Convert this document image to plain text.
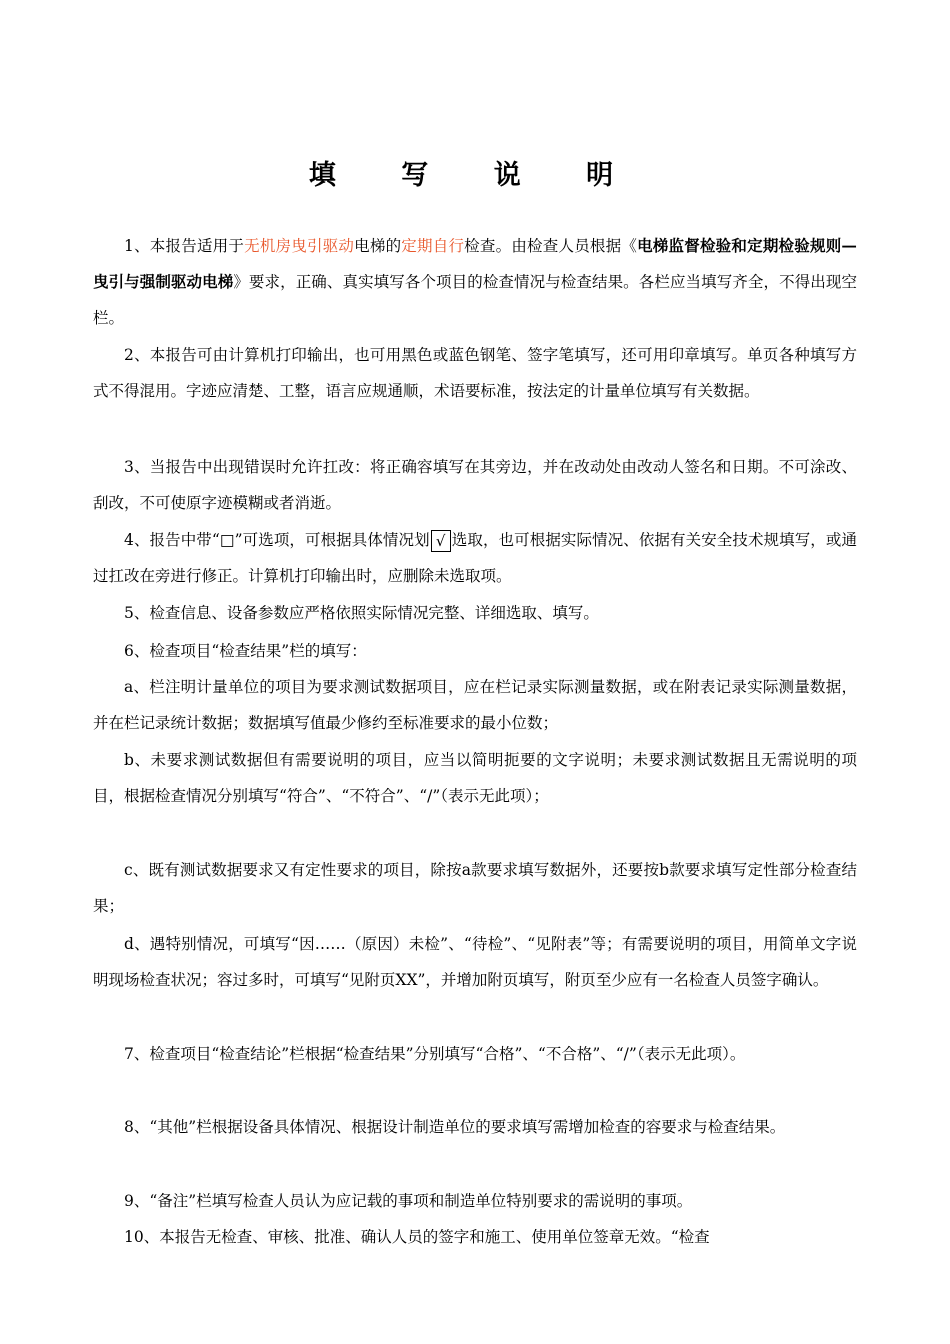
填 写 说 明
1、本报告适用于无机房曳引驱动电梯的定期自行检查。由检查人员根据《电梯监督检验和定期检验规则—曳引与强制驱动电梯》要求，正确、真实填写各个项目的检查情况与检查结果。各栏应当填写齐全，不得出现空栏。
2、本报告可由计算机打印输出，也可用黑色或蓝色钢笔、签字笔填写，还可用印章填写。单页各种填写方式不得混用。字迹应清楚、工整，语言应规通顺，术语要标准，按法定的计量单位填写有关数据。
3、当报告中出现错误时允许扛改：将正确容填写在其旁边，并在改动处由改动人签名和日期。不可涂改、刮改，不可使原字迹模糊或者消逝。
4、报告中带“□”可选项，可根据具体情况划 √ 选取，也可根据实际情况、依据有关安全技术规填写，或通过扛改在旁进行修正。计算机打印输出时，应删除未选取项。
5、检查信息、设备参数应严格依照实际情况完整、详细选取、填写。
6、检查项目“检查结果”栏的填写：
a、栏注明计量单位的项目为要求测试数据项目，应在栏记录实际测量数据，或在附表记录实际测量数据，并在栏记录统计数据；数据填写值最少修约至标准要求的最小位数；
b、未要求测试数据但有需要说明的项目，应当以简明扼要的文字说明；未要求测试数据且无需说明的项目，根据检查情况分别填写“符合”、“不符合”、“/”（表示无此项）；
c、既有测试数据要求又有定性要求的项目，除按a款要求填写数据外，还要按b款要求填写定性部分检查结果；
d、遇特别情况，可填写“因……（原因）未检”、“待检”、“见附表”等；有需要说明的项目，用简单文字说明现场检查状况；容过多时，可填写“见附页XX”，并增加附页填写，附页至少应有一名检查人员签字确认。
7、检查项目“检查结论”栏根据“检查结果”分别填写“合格”、“不合格”、“/”（表示无此项）。
8、“其他”栏根据设备具体情况、根据设计制造单位的要求填写需增加检查的容要求与检查结果。
9、“备注”栏填写检查人员认为应记载的事项和制造单位特别要求的需说明的事项。
10、本报告无检查、审核、批准、确认人员的签字和施工、使用单位签章无效。“检查
